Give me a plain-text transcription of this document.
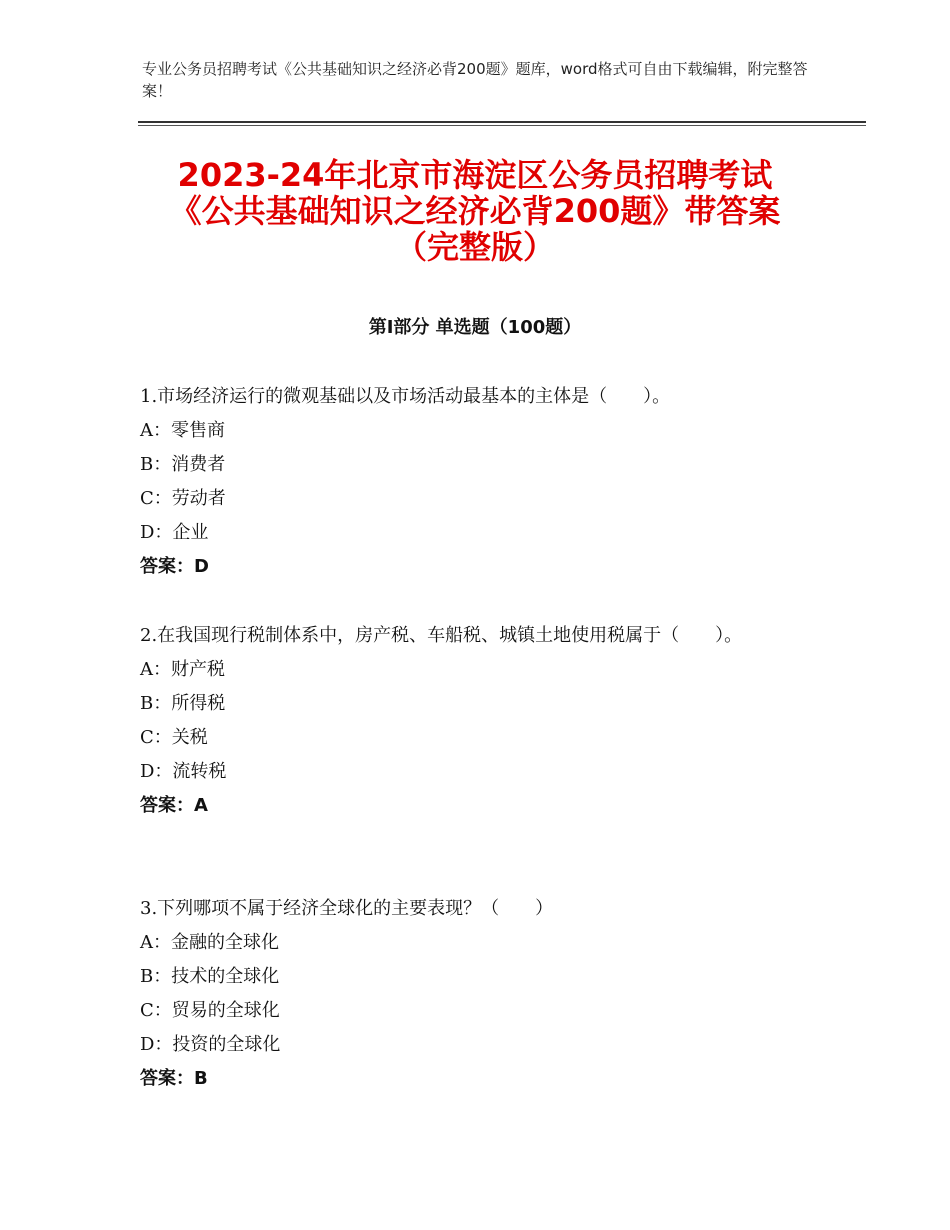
专业公务员招聘考试《公共基础知识之经济必背200题》题库，word格式可自由下载编辑，附完整答案！
2023-24年北京市海淀区公务员招聘考试
《公共基础知识之经济必背200题》带答案
（完整版）
第Ⅰ部分 单选题（100题）

1.市场经济运行的微观基础以及市场活动最基本的主体是（　　）。

A：零售商

B：消费者

C：劳动者

D：企业

答案：D

2.在我国现行税制体系中，房产税、车船税、城镇土地使用税属于（　　）。

A：财产税

B：所得税

C：关税

D：流转税

答案：A

3.下列哪项不属于经济全球化的主要表现？（　　）

A：金融的全球化

B：技术的全球化

C：贸易的全球化

D：投资的全球化

答案：B
